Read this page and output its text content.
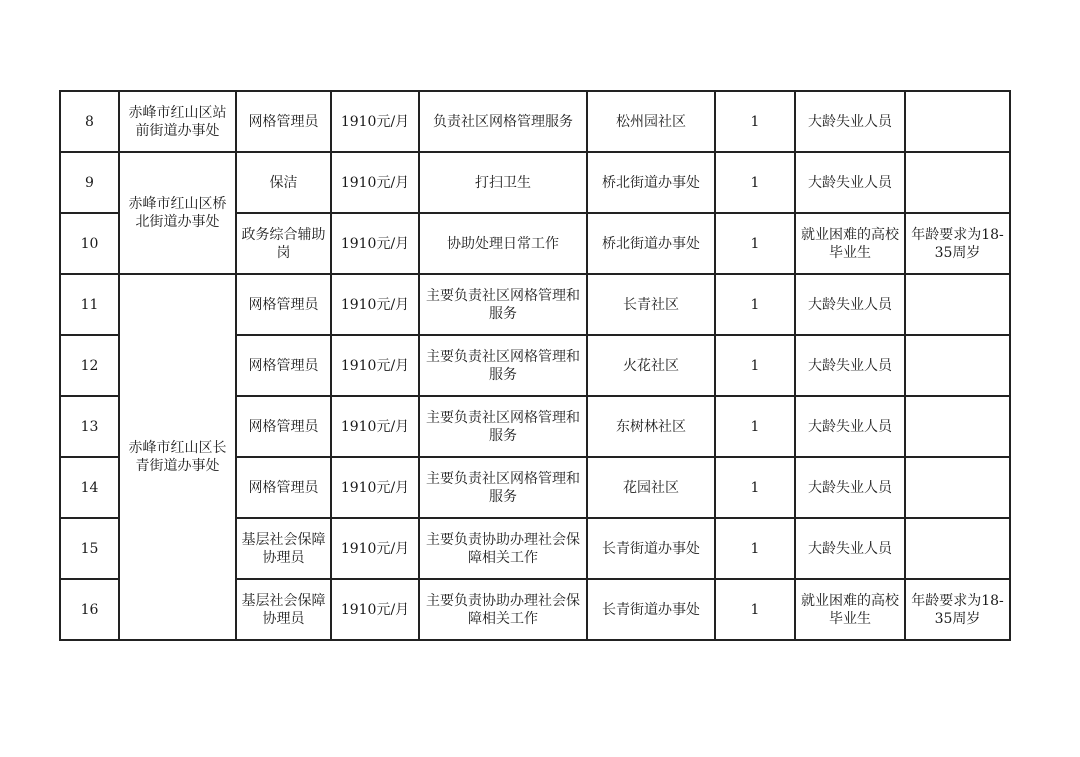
8	赤峰市红山区站前街道办事处	网格管理员	1910元/月	负责社区网格管理服务	松州园社区	1	大龄失业人员	
9	赤峰市红山区桥北街道办事处	保洁	1910元/月	打扫卫生	桥北街道办事处	1	大龄失业人员	
10		政务综合辅助岗	1910元/月	协助处理日常工作	桥北街道办事处	1	就业困难的高校毕业生	年龄要求为18-35周岁
11	赤峰市红山区长青街道办事处	网格管理员	1910元/月	主要负责社区网格管理和服务	长青社区	1	大龄失业人员	
12		网格管理员	1910元/月	主要负责社区网格管理和服务	火花社区	1	大龄失业人员	
13		网格管理员	1910元/月	主要负责社区网格管理和服务	东树林社区	1	大龄失业人员	
14		网格管理员	1910元/月	主要负责社区网格管理和服务	花园社区	1	大龄失业人员	
15		基层社会保障协理员	1910元/月	主要负责协助办理社会保障相关工作	长青街道办事处	1	大龄失业人员	
16		基层社会保障协理员	1910元/月	主要负责协助办理社会保障相关工作	长青街道办事处	1	就业困难的高校毕业生	年龄要求为18-35周岁
